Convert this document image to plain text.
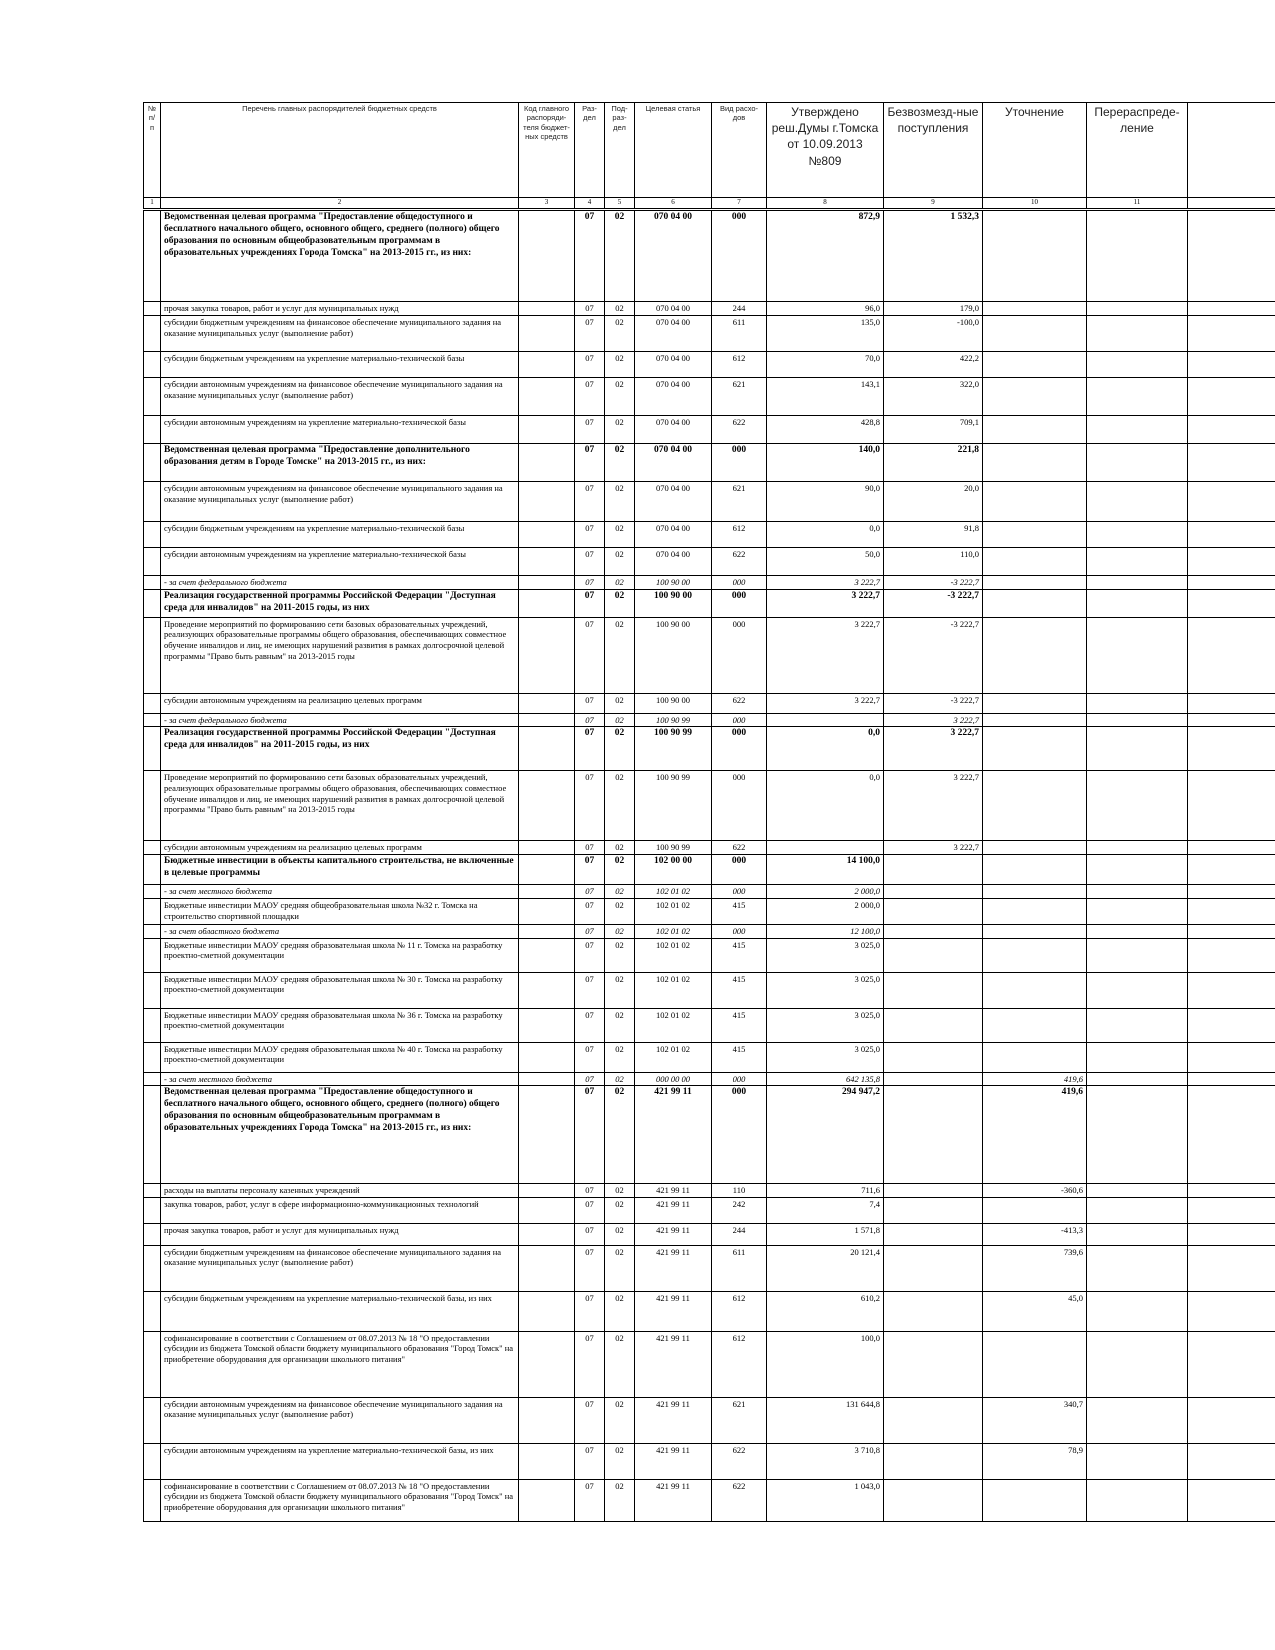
№ п/п	Перечень главных распорядителей бюджетных средств	Код главного распоряди-теля бюджет-ных средств	Раз-дел	Под-раз-дел	Целевая статья	Вид расхо-дов	Утверждено реш.Думы г.Томска от 10.09.2013 №809	Безвозмезд-ные поступления	Уточнение	Перераспреде-ление	
1	2	3	4	5	6	7	8	9	10	11	
	Ведомственная целевая программа "Предоставление общедоступного и бесплатного начального общего, основного общего, среднего (полного) общего образования по основным общеобразовательным программам в образовательных учреждениях Города Томска" на 2013-2015 гг., из них:		07	02	070 04 00	000	872,9	1 532,3			
	прочая закупка товаров, работ и услуг для муниципальных нужд		07	02	070 04 00	244	96,0	179,0			
	субсидии бюджетным учреждениям на финансовое обеспечение муниципального задания на оказание муниципальных услуг (выполнение работ)		07	02	070 04 00	611	135,0	-100,0			
	субсидии бюджетным учреждениям на укрепление материально-технической базы		07	02	070 04 00	612	70,0	422,2			
	субсидии автономным учреждениям на финансовое обеспечение муниципального задания на оказание муниципальных услуг (выполнение работ)		07	02	070 04 00	621	143,1	322,0			
	субсидии автономным учреждениям на укрепление материально-технической базы		07	02	070 04 00	622	428,8	709,1			
	Ведомственная целевая программа "Предоставление дополнительного образования детям в Городе Томске" на 2013-2015 гг., из них:		07	02	070 04 00	000	140,0	221,8			
	субсидии автономным учреждениям на финансовое обеспечение муниципального задания на оказание муниципальных услуг (выполнение работ)		07	02	070 04 00	621	90,0	20,0			
	субсидии бюджетным учреждениям на укрепление материально-технической базы		07	02	070 04 00	612	0,0	91,8			
	субсидии автономным учреждениям на укрепление материально-технической базы		07	02	070 04 00	622	50,0	110,0			
	- за счет федерального бюджета		07	02	100 90 00	000	3 222,7	-3 222,7			
	Реализация государственной программы Российской Федерации "Доступная среда для инвалидов" на 2011-2015 годы, из них		07	02	100 90 00	000	3 222,7	-3 222,7			
	Проведение мероприятий по формированию сети базовых образовательных учреждений, реализующих образовательные программы общего образования, обеспечивающих совместное обучение инвалидов и лиц, не имеющих нарушений развития в рамках долгосрочной целевой программы "Право быть равным" на 2013-2015 годы		07	02	100 90 00	000	3 222,7	-3 222,7			
	субсидии автономным учреждениям на реализацию целевых программ		07	02	100 90 00	622	3 222,7	-3 222,7			
	- за счет федерального бюджета		07	02	100 90 99	000		3 222,7			
	Реализация государственной программы Российской Федерации "Доступная среда для инвалидов" на 2011-2015 годы, из них		07	02	100 90 99	000	0,0	3 222,7			
	Проведение мероприятий по формированию сети базовых образовательных учреждений, реализующих образовательные программы общего образования, обеспечивающих совместное обучение инвалидов и лиц, не имеющих нарушений развития в рамках долгосрочной целевой программы "Право быть равным" на 2013-2015 годы		07	02	100 90 99	000	0,0	3 222,7			
	субсидии автономным учреждениям на реализацию целевых программ		07	02	100 90 99	622		3 222,7			
	Бюджетные инвестиции в объекты капитального строительства, не включенные в целевые программы		07	02	102 00 00	000	14 100,0				
	- за счет местного бюджета		07	02	102 01 02	000	2 000,0				
	Бюджетные инвестиции МАОУ средняя общеобразовательная школа №32 г. Томска на строительство спортивной площадки		07	02	102 01 02	415	2 000,0				
	- за счет областного бюджета		07	02	102 01 02	000	12 100,0				
	Бюджетные инвестиции МАОУ средняя образовательная школа № 11 г. Томска на разработку проектно-сметной документации		07	02	102 01 02	415	3 025,0				
	Бюджетные инвестиции МАОУ средняя образовательная школа № 30 г. Томска на разработку проектно-сметной документации		07	02	102 01 02	415	3 025,0				
	Бюджетные инвестиции МАОУ средняя образовательная школа № 36 г. Томска на разработку проектно-сметной документации		07	02	102 01 02	415	3 025,0				
	Бюджетные инвестиции МАОУ средняя образовательная школа № 40 г. Томска на разработку проектно-сметной документации		07	02	102 01 02	415	3 025,0				
	- за счет местного бюджета		07	02	000 00 00	000	642 135,8		419,6		
	Ведомственная целевая программа "Предоставление общедоступного и бесплатного начального общего, основного общего, среднего (полного) общего образования по основным общеобразовательным программам в образовательных учреждениях Города Томска" на 2013-2015 гг., из них:		07	02	421 99 11	000	294 947,2		419,6		
	расходы на выплаты персоналу казенных учреждений		07	02	421 99 11	110	711,6		-360,6		
	закупка товаров, работ, услуг в сфере информационно-коммуникационных технологий		07	02	421 99 11	242	7,4				
	прочая закупка товаров, работ и услуг для муниципальных нужд		07	02	421 99 11	244	1 571,8		-413,3		
	субсидии бюджетным учреждениям на финансовое обеспечение муниципального задания на оказание муниципальных услуг (выполнение работ)		07	02	421 99 11	611	20 121,4		739,6		
	субсидии бюджетным учреждениям на укрепление материально-технической базы, из них		07	02	421 99 11	612	610,2		45,0		
	софинансирование в соответствии с Соглашением от 08.07.2013 № 18 "О предоставлении субсидии из бюджета Томской области бюджету муниципального образования "Город Томск" на приобретение оборудования для организации школьного питания"		07	02	421 99 11	612	100,0				
	субсидии автономным учреждениям на финансовое обеспечение муниципального задания на оказание муниципальных услуг (выполнение работ)		07	02	421 99 11	621	131 644,8		340,7		
	субсидии автономным учреждениям на укрепление материально-технической базы, из них		07	02	421 99 11	622	3 710,8		78,9		
	софинансирование в соответствии с Соглашением от 08.07.2013 № 18 "О предоставлении субсидии из бюджета Томской области бюджету муниципального образования "Город Томск" на приобретение оборудования для организации школьного питания"		07	02	421 99 11	622	1 043,0				
